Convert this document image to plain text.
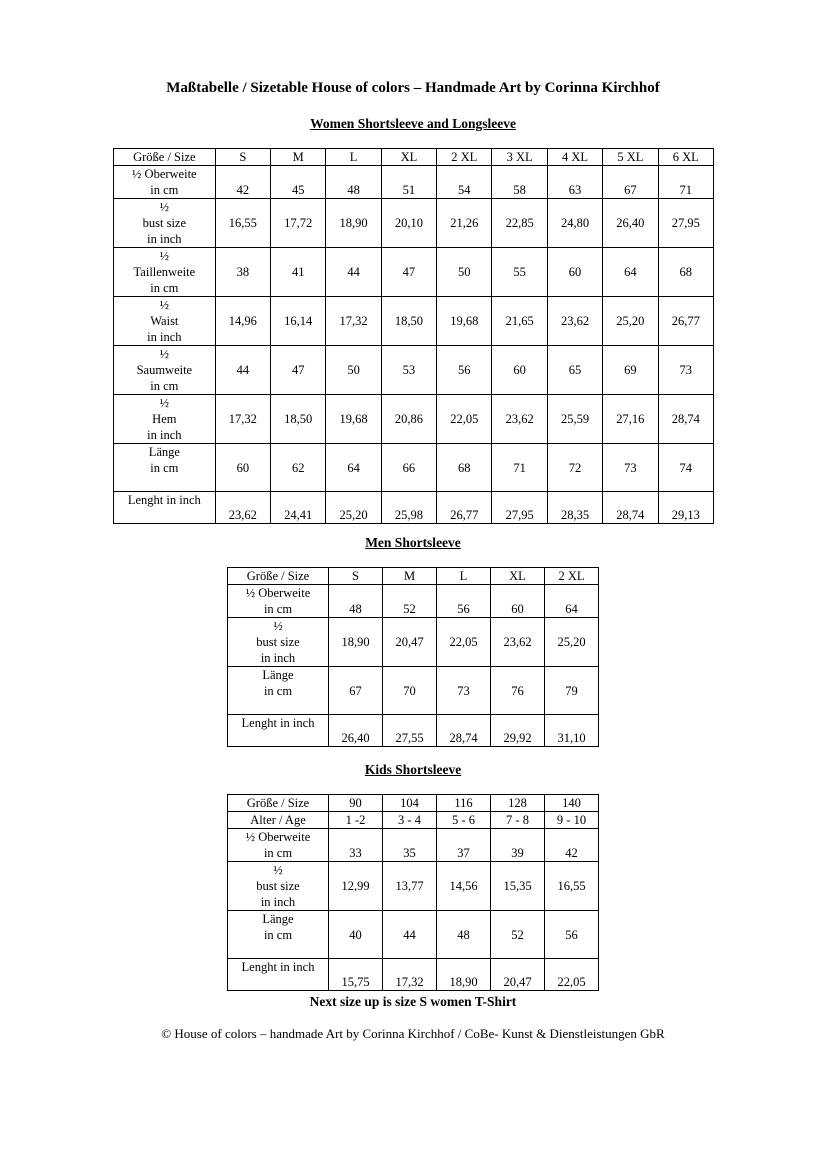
Maßtabelle / Sizetable House of colors – Handmade Art by Corinna Kirchhof
Women Shortsleeve and Longsleeve
Größe / Size	S	M	L	XL	2 XL	3 XL	4 XL	5 XL	6 XL

½ Oberweite
in cm	42	45	48	51	54	58	63	67	71

½
bust size
in inch	16,55	17,72	18,90	20,10	21,26	22,85	24,80	26,40	27,95

½
Taillenweite
in cm	38	41	44	47	50	55	60	64	68

½
Waist
in inch	14,96	16,14	17,32	18,50	19,68	21,65	23,62	25,20	26,77

½
Saumweite
in cm	44	47	50	53	56	60	65	69	73

½
Hem
in inch	17,32	18,50	19,68	20,86	22,05	23,62	25,59	27,16	28,74

Länge
in cm	60	62	64	66	68	71	72	73	74

Lenght in inch	23,62	24,41	25,20	25,98	26,77	27,95	28,35	28,74	29,13
Men Shortsleeve
Größe / Size	S	M	L	XL	2 XL

½ Oberweite
in cm	48	52	56	60	64

½
bust size
in inch	18,90	20,47	22,05	23,62	25,20

Länge
in cm	67	70	73	76	79

Lenght in inch	26,40	27,55	28,74	29,92	31,10
Kids Shortsleeve
Größe / Size	90	104	116	128	140

Alter / Age	1 -2	3 - 4	5 - 6	7 - 8	9 - 10

½ Oberweite
in cm	33	35	37	39	42

½
bust size
in inch	12,99	13,77	14,56	15,35	16,55

Länge
in cm	40	44	48	52	56

Lenght in inch	15,75	17,32	18,90	20,47	22,05
Next size up is size S women T-Shirt
© House of colors – handmade Art by Corinna Kirchhof / CoBe- Kunst & Dienstleistungen GbR
